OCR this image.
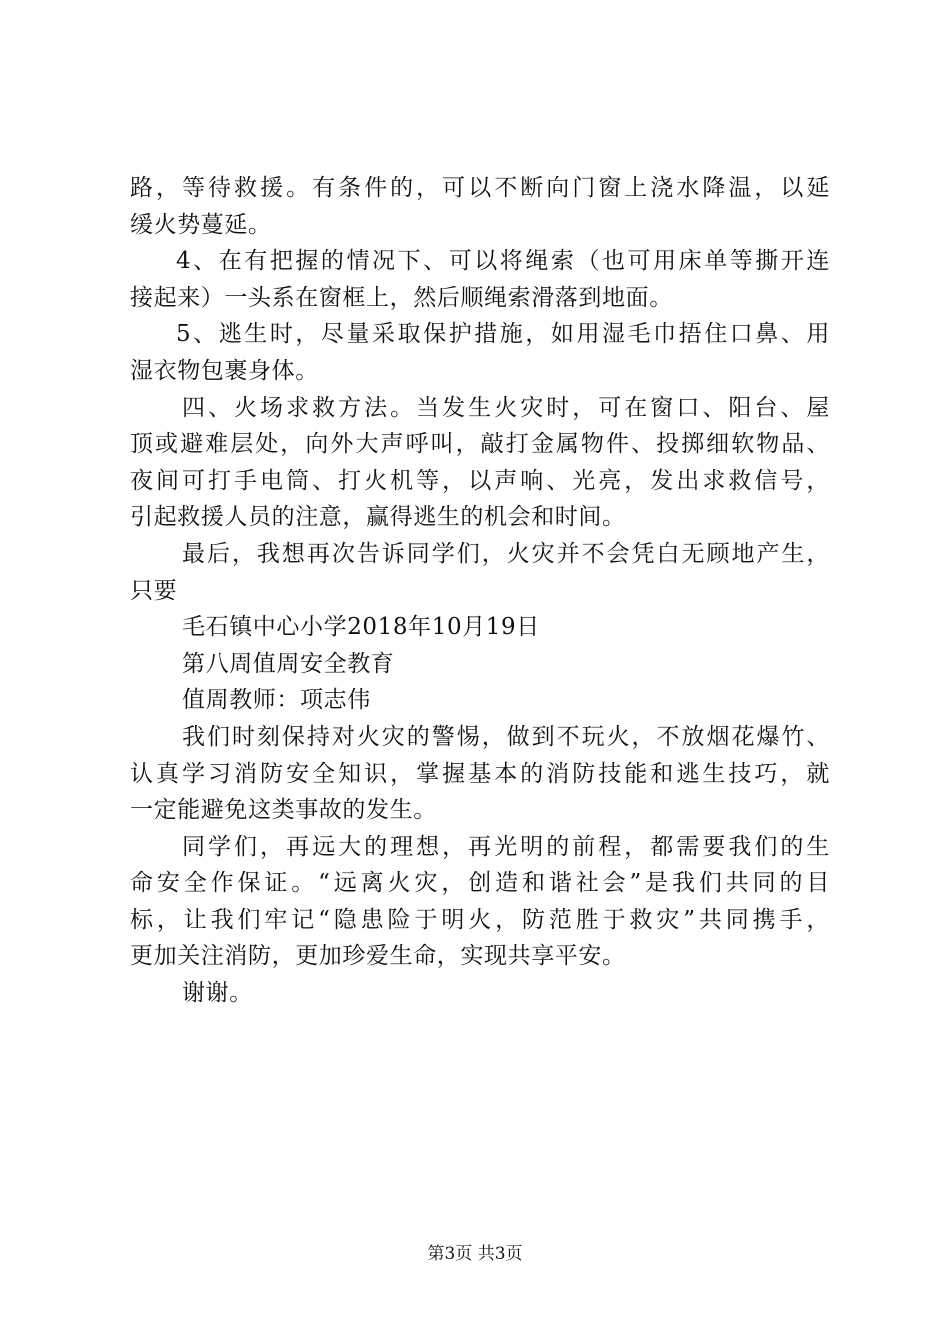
路，等待救援。有条件的，可以不断向门窗上浇水降温，以延
缓火势蔓延。
4、在有把握的情况下、可以将绳索（也可用床单等撕开连
接起来）一头系在窗框上，然后顺绳索滑落到地面。
5、逃生时，尽量采取保护措施，如用湿毛巾捂住口鼻、用
湿衣物包裹身体。
四、火场求救方法。当发生火灾时，可在窗口、阳台、屋
顶或避难层处，向外大声呼叫，敲打金属物件、投掷细软物品、
夜间可打手电筒、打火机等，以声响、光亮，发出求救信号，
引起救援人员的注意，赢得逃生的机会和时间。
最后，我想再次告诉同学们，火灾并不会凭白无顾地产生，
只要
毛石镇中心小学2018年10月19日
第八周值周安全教育
值周教师：项志伟
我们时刻保持对火灾的警惕，做到不玩火，不放烟花爆竹、
认真学习消防安全知识，掌握基本的消防技能和逃生技巧，就
一定能避免这类事故的发生。
同学们，再远大的理想，再光明的前程，都需要我们的生
命安全作保证。“远离火灾，创造和谐社会”是我们共同的目
标，让我们牢记“隐患险于明火，防范胜于救灾”共同携手，
更加关注消防，更加珍爱生命，实现共享平安。
谢谢。
第3页 共3页
